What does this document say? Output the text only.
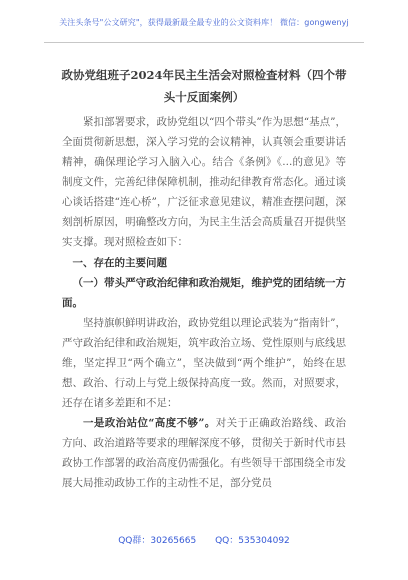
关注头条号"公文研究"，获得最新最全最专业的公文资料库！ 微信：gongwenyj
政协党组班子2024年民主生活会对照检查材料（四个带头十反面案例）

紧扣部署要求，政协党组以“四个带头”作为思想“基点”，全面贯彻新思想，深入学习党的会议精神，认真领会重要讲话精神，确保理论学习入脑入心。结合《条例》《...的意见》等制度文件，完善纪律保障机制，推动纪律教育常态化。通过谈心谈话搭建“连心桥”，广泛征求意见建议，精准查摆问题，深刻剖析原因，明确整改方向，为民主生活会高质量召开提供坚实支撑。现对照检查如下：

一、存在的主要问题

（一）带头严守政治纪律和政治规矩，维护党的团结统一方面。

坚持旗帜鲜明讲政治，政协党组以理论武装为“指南针”，严守政治纪律和政治规矩，筑牢政治立场、党性原则与底线思维，坚定捍卫“两个确立”，坚决做到“两个维护”，始终在思想、政治、行动上与党上级保持高度一致。然而，对照要求，还存在诸多差距和不足：

一是政治站位“高度不够”。对关于正确政治路线、政治方向、政治道路等要求的理解深度不够，贯彻关于新时代市县政协工作部署的政治高度仍需强化。有些领导干部围绕全市发展大局推动政协工作的主动性不足，部分党员

QQ群：30265665 QQ：535304092
